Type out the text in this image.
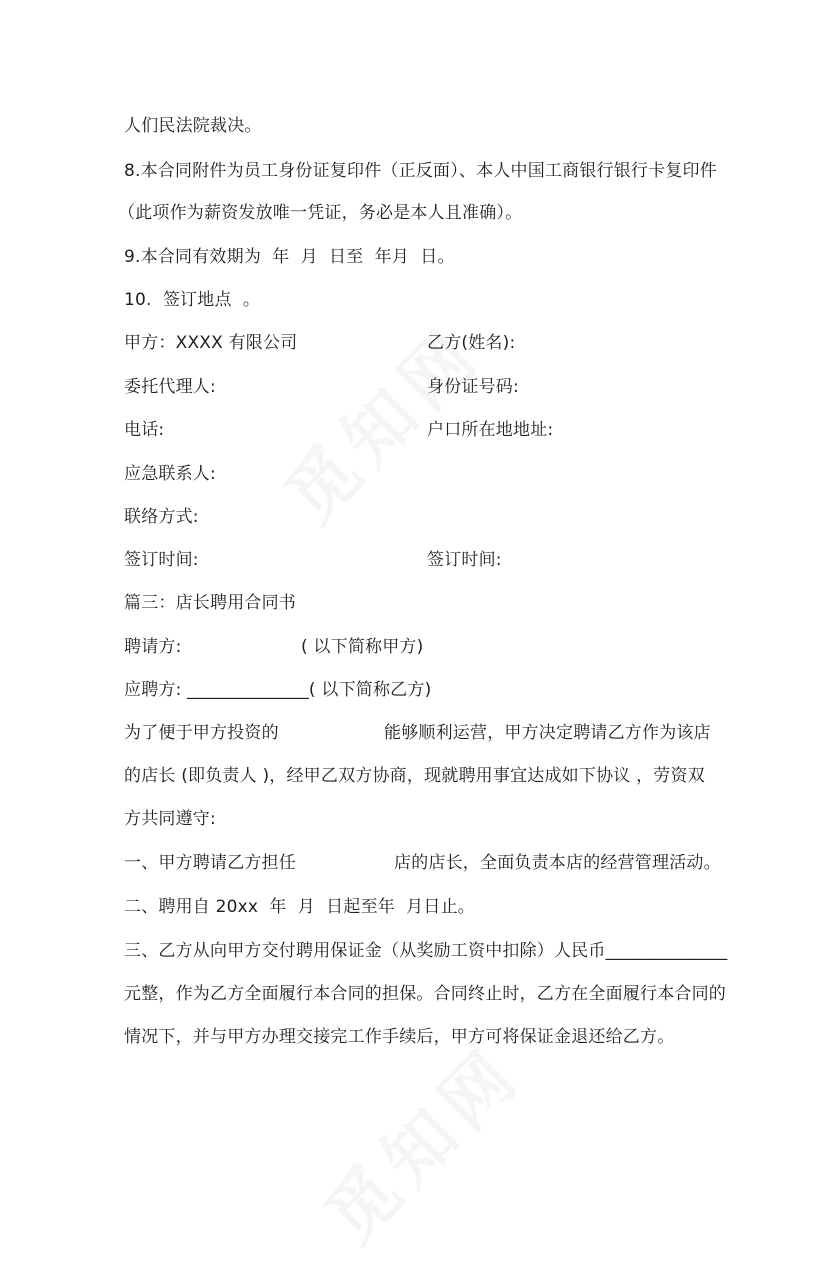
人们民法院裁决。
8.本合同附件为员工身份证复印件（正反面）、本人中国工商银行银行卡复印件
（此项作为薪资发放唯一凭证，务必是本人且准确）。
9.本合同有效期为  年  月  日至  年月  日。
10.  签订地点  。
甲方：XXXX 有限公司	乙方(姓名):
委托代理人:	身份证号码:
电话:	户口所在地地址:
应急联系人:
联络方式:
签订时间:	签订时间:
篇三：店长聘用合同书
聘请方:	( 以下简称甲方)
应聘方: ______________( 以下简称乙方)
为了便于甲方投资的	能够顺利运营，甲方决定聘请乙方作为该店
的店长 (即负责人 )，经甲乙双方协商，现就聘用事宜达成如下协议 ，劳资双
方共同遵守:
一、甲方聘请乙方担任	店的店长，全面负责本店的经营管理活动。
二、聘用自 20xx  年  月  日起至年  月日止。
三、乙方从向甲方交付聘用保证金（从奖励工资中扣除）人民币______________
元整，作为乙方全面履行本合同的担保。合同终止时，乙方在全面履行本合同的
情况下，并与甲方办理交接完工作手续后，甲方可将保证金退还给乙方。
